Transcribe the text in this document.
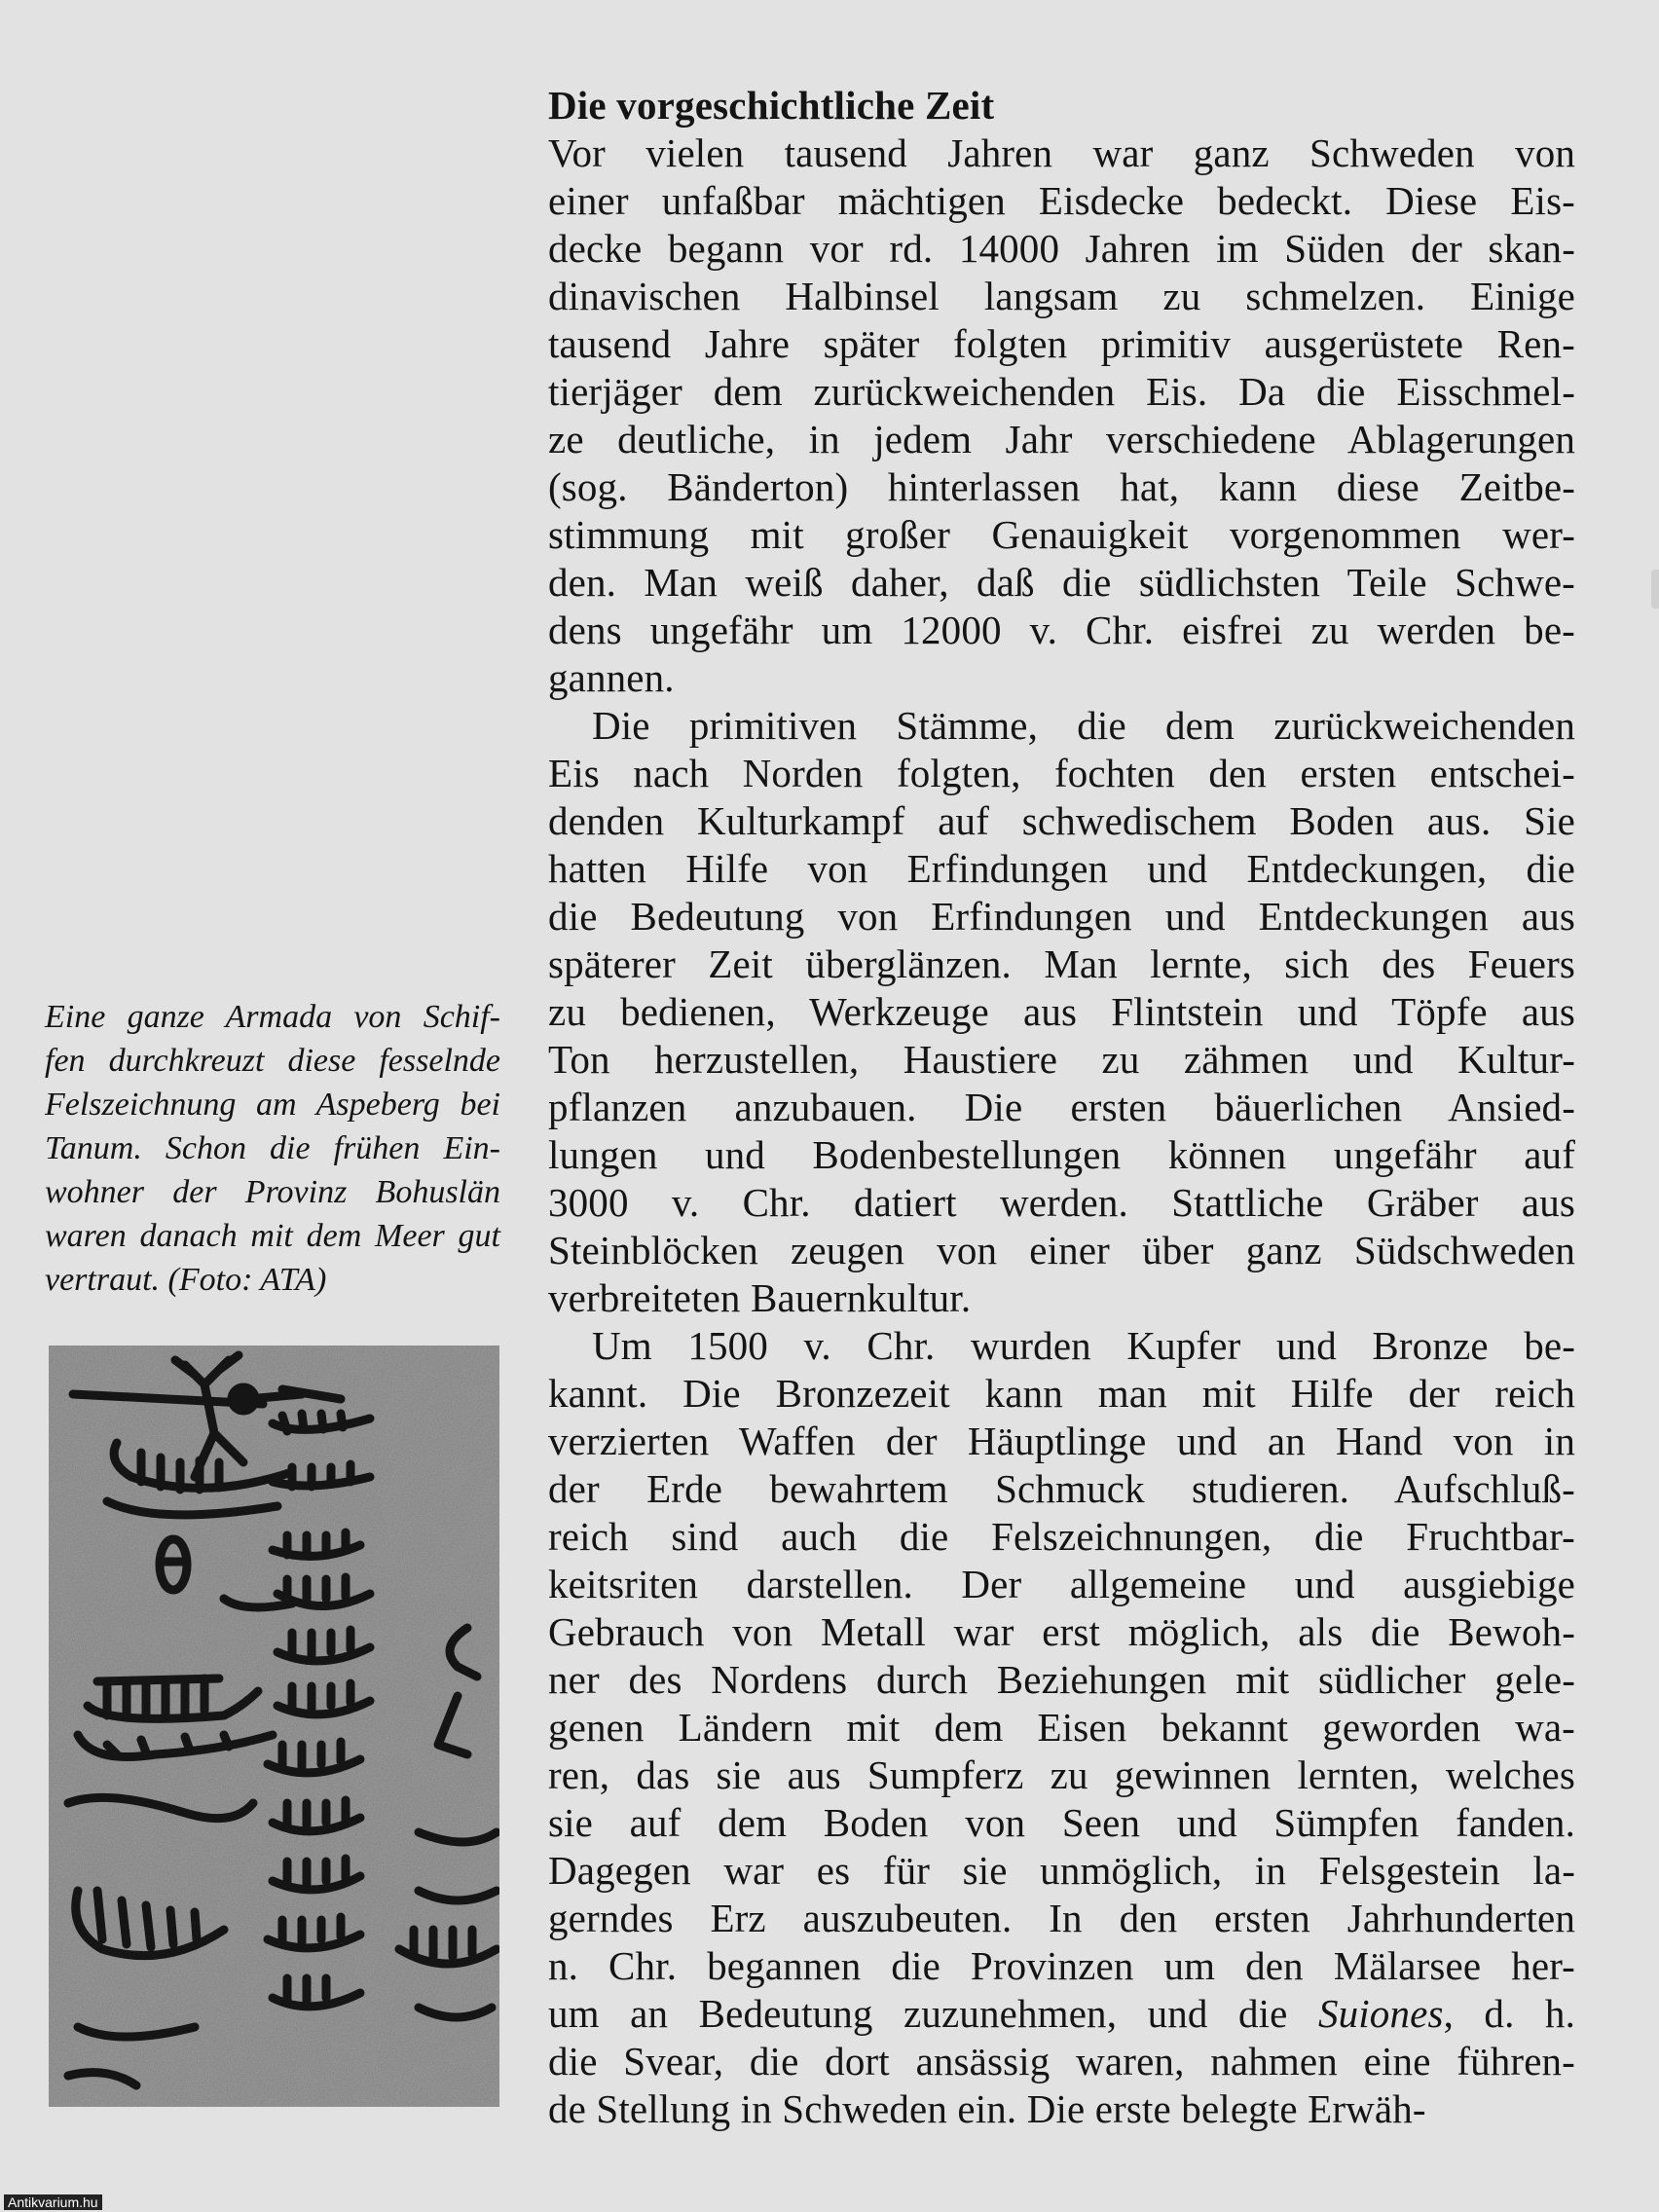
Die vorgeschichtliche Zeit
Vor vielen tausend Jahren war ganz Schweden von
einer unfaßbar mächtigen Eisdecke bedeckt. Diese Eis-
decke begann vor rd. 14000 Jahren im Süden der skan-
dinavischen Halbinsel langsam zu schmelzen. Einige
tausend Jahre später folgten primitiv ausgerüstete Ren-
tierjäger dem zurückweichenden Eis. Da die Eisschmel-
ze deutliche, in jedem Jahr verschiedene Ablagerungen
(sog. Bänderton) hinterlassen hat, kann diese Zeitbe-
stimmung mit großer Genauigkeit vorgenommen wer-
den. Man weiß daher, daß die südlichsten Teile Schwe-
dens ungefähr um 12000 v. Chr. eisfrei zu werden be-
gannen.
Die primitiven Stämme, die dem zurückweichenden
Eis nach Norden folgten, fochten den ersten entschei-
denden Kulturkampf auf schwedischem Boden aus. Sie
hatten Hilfe von Erfindungen und Entdeckungen, die
die Bedeutung von Erfindungen und Entdeckungen aus
späterer Zeit überglänzen. Man lernte, sich des Feuers
zu bedienen, Werkzeuge aus Flintstein und Töpfe aus
Ton herzustellen, Haustiere zu zähmen und Kultur-
pflanzen anzubauen. Die ersten bäuerlichen Ansied-
lungen und Bodenbestellungen können ungefähr auf
3000 v. Chr. datiert werden. Stattliche Gräber aus
Steinblöcken zeugen von einer über ganz Südschweden
verbreiteten Bauernkultur.
Um 1500 v. Chr. wurden Kupfer und Bronze be-
kannt. Die Bronzezeit kann man mit Hilfe der reich
verzierten Waffen der Häuptlinge und an Hand von in
der Erde bewahrtem Schmuck studieren. Aufschluß-
reich sind auch die Felszeichnungen, die Fruchtbar-
keitsriten darstellen. Der allgemeine und ausgiebige
Gebrauch von Metall war erst möglich, als die Bewoh-
ner des Nordens durch Beziehungen mit südlicher gele-
genen Ländern mit dem Eisen bekannt geworden wa-
ren, das sie aus Sumpferz zu gewinnen lernten, welches
sie auf dem Boden von Seen und Sümpfen fanden.
Dagegen war es für sie unmöglich, in Felsgestein la-
gerndes Erz auszubeuten. In den ersten Jahrhunderten
n. Chr. begannen die Provinzen um den Mälarsee her-
um an Bedeutung zuzunehmen, und die Suiones, d. h.
die Svear, die dort ansässig waren, nahmen eine führen-
de Stellung in Schweden ein. Die erste belegte Erwäh-
Eine ganze Armada von Schif-
fen durchkreuzt diese fesselnde
Felszeichnung am Aspeberg bei
Tanum. Schon die frühen Ein-
wohner der Provinz Bohuslän
waren danach mit dem Meer gut
vertraut. (Foto: ATA)
Antikvarium.hu
